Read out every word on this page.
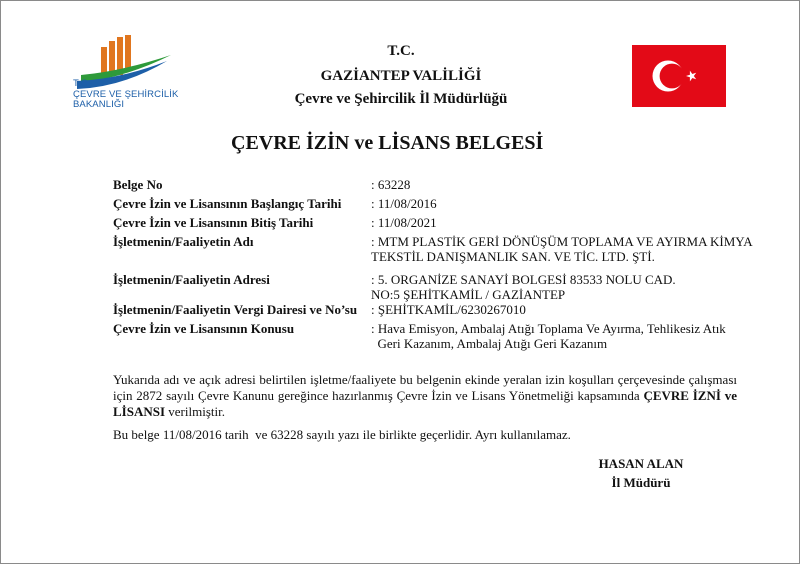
T.C.
ÇEVRE VE ŞEHİRCİLİK
BAKANLIĞI
T.C.
GAZİANTEP VALİLİĞİ
Çevre ve Şehircilik İl Müdürlüğü
ÇEVRE İZİN ve LİSANS BELGESİ
Belge No	: 63228
Çevre İzin ve Lisansının Başlangıç Tarihi : 11/08/2016
Çevre İzin ve Lisansının Bitiş Tarihi	: 11/08/2021
İşletmenin/Faaliyetin Adı	: MTM PLASTİK GERİ DÖNÜŞÜM TOPLAMA VE AYIRMA KİMYA
TEKSTİL DANIŞMANLIK SAN. VE TİC. LTD. ŞTİ.
İşletmenin/Faaliyetin Adresi	: 5. ORGANİZE SANAYİ BOLGESİ 83533 NOLU CAD.
NO:5 ŞEHİTKAMİL / GAZİANTEP
İşletmenin/Faaliyetin Vergi Dairesi ve No’su : ŞEHİTKAMİL/6230267010
Çevre İzin ve Lisansının Konusu	: Hava Emisyon, Ambalaj Atığı Toplama Ve Ayırma, Tehlikesiz Atık
Geri Kazanım, Ambalaj Atığı Geri Kazanım
Yukarıda adı ve açık adresi belirtilen işletme/faaliyete bu belgenin ekinde yeralan izin koşulları çerçevesinde çalışması için 2872 sayılı Çevre Kanunu gereğince hazırlanmış Çevre İzin ve Lisans Yönetmeliği kapsamında ÇEVRE İZNİ ve LİSANSI verilmiştir.
Bu belge 11/08/2016 tarih  ve 63228 sayılı yazı ile birlikte geçerlidir. Ayrı kullanılamaz.
HASAN ALAN
İl Müdürü
